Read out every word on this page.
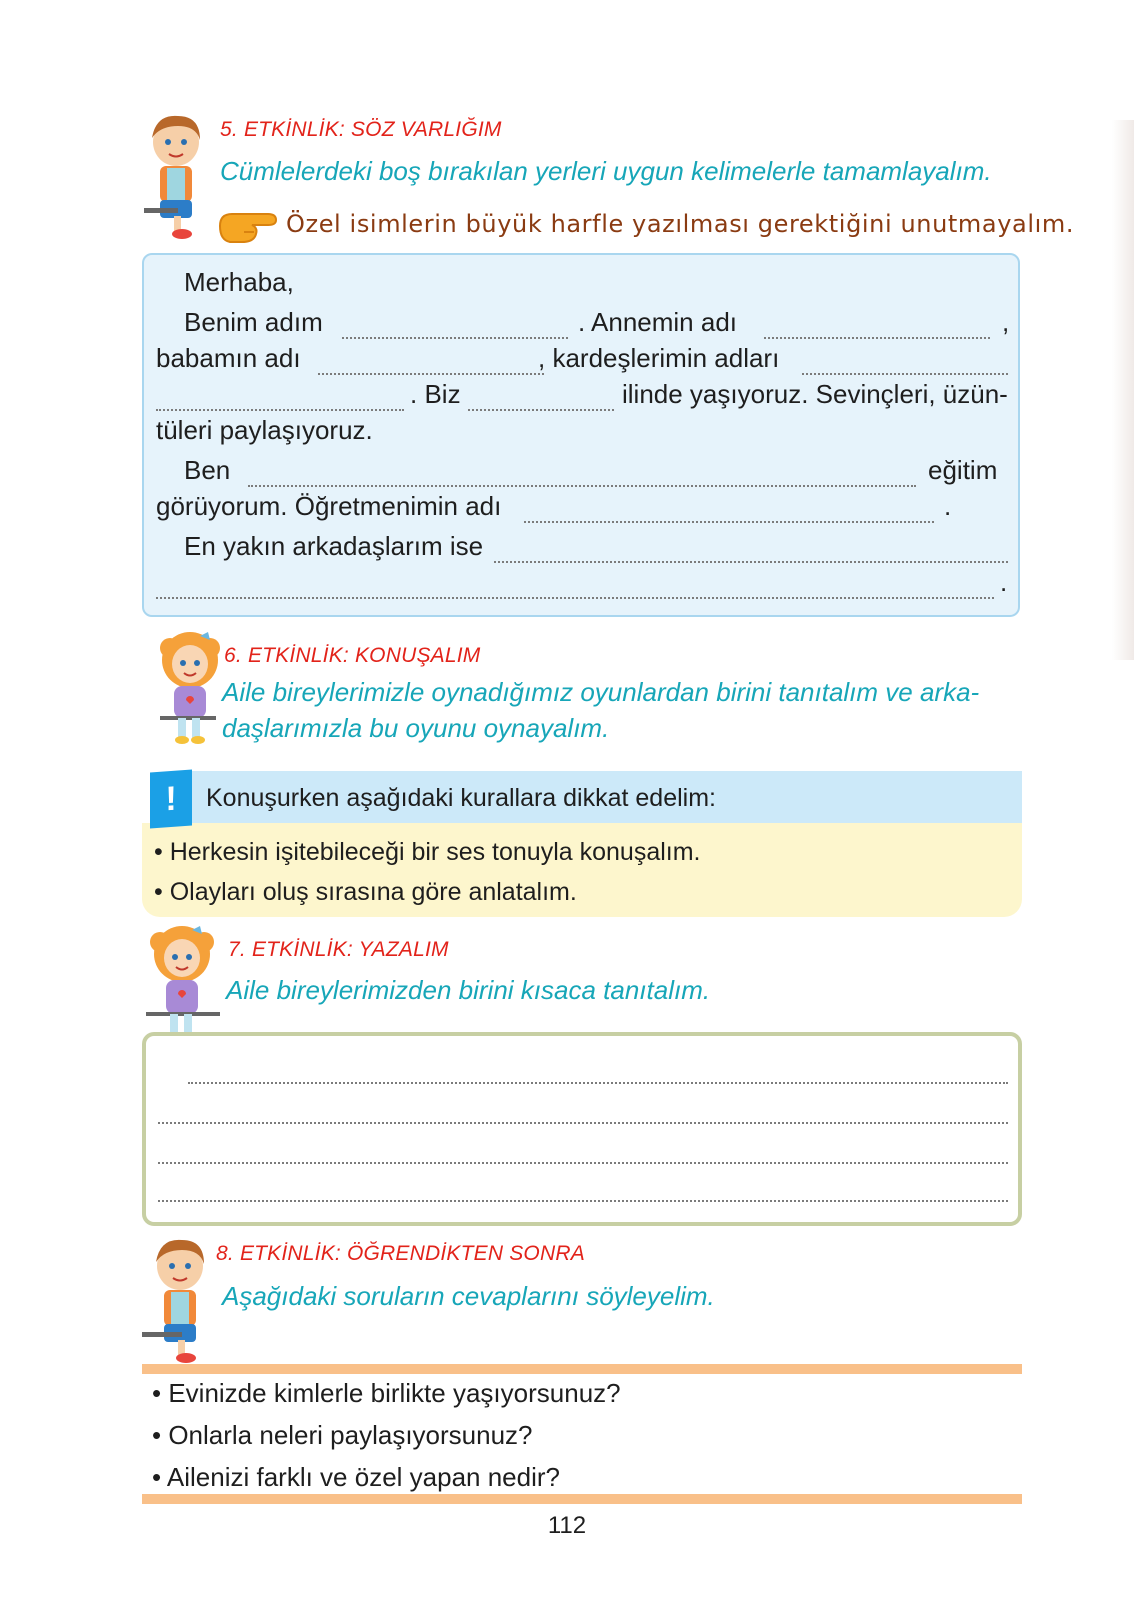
5. ETKİNLİK: SÖZ VARLIĞIM
Cümlelerdeki boş bırakılan yerleri uygun kelimelerle tamamlayalım.
Özel isimlerin büyük harfle yazılması gerektiğini unutmayalım.
Merhaba,
Benim adım	. Annemin adı	,
babamın adı	, kardeşlerimin adları
. Biz	ilinde yaşıyoruz. Sevinçleri, üzün-
tüleri paylaşıyoruz.
Ben	eğitim
görüyorum. Öğretmenimin adı	.
En yakın arkadaşlarım ise
.
6. ETKİNLİK: KONUŞALIM
Aile bireylerimizle oynadığımız oyunlardan birini tanıtalım ve arka-
daşlarımızla bu oyunu oynayalım.
!	Konuşurken aşağıdaki kurallara dikkat edelim:
• Herkesin işitebileceği bir ses tonuyla konuşalım.
• Olayları oluş sırasına göre anlatalım.
7. ETKİNLİK: YAZALIM
Aile bireylerimizden birini kısaca tanıtalım.
8. ETKİNLİK: ÖĞRENDİKTEN SONRA
Aşağıdaki soruların cevaplarını söyleyelim.
• Evinizde kimlerle birlikte yaşıyorsunuz?
• Onlarla neleri paylaşıyorsunuz?
• Ailenizi farklı ve özel yapan nedir?
112
